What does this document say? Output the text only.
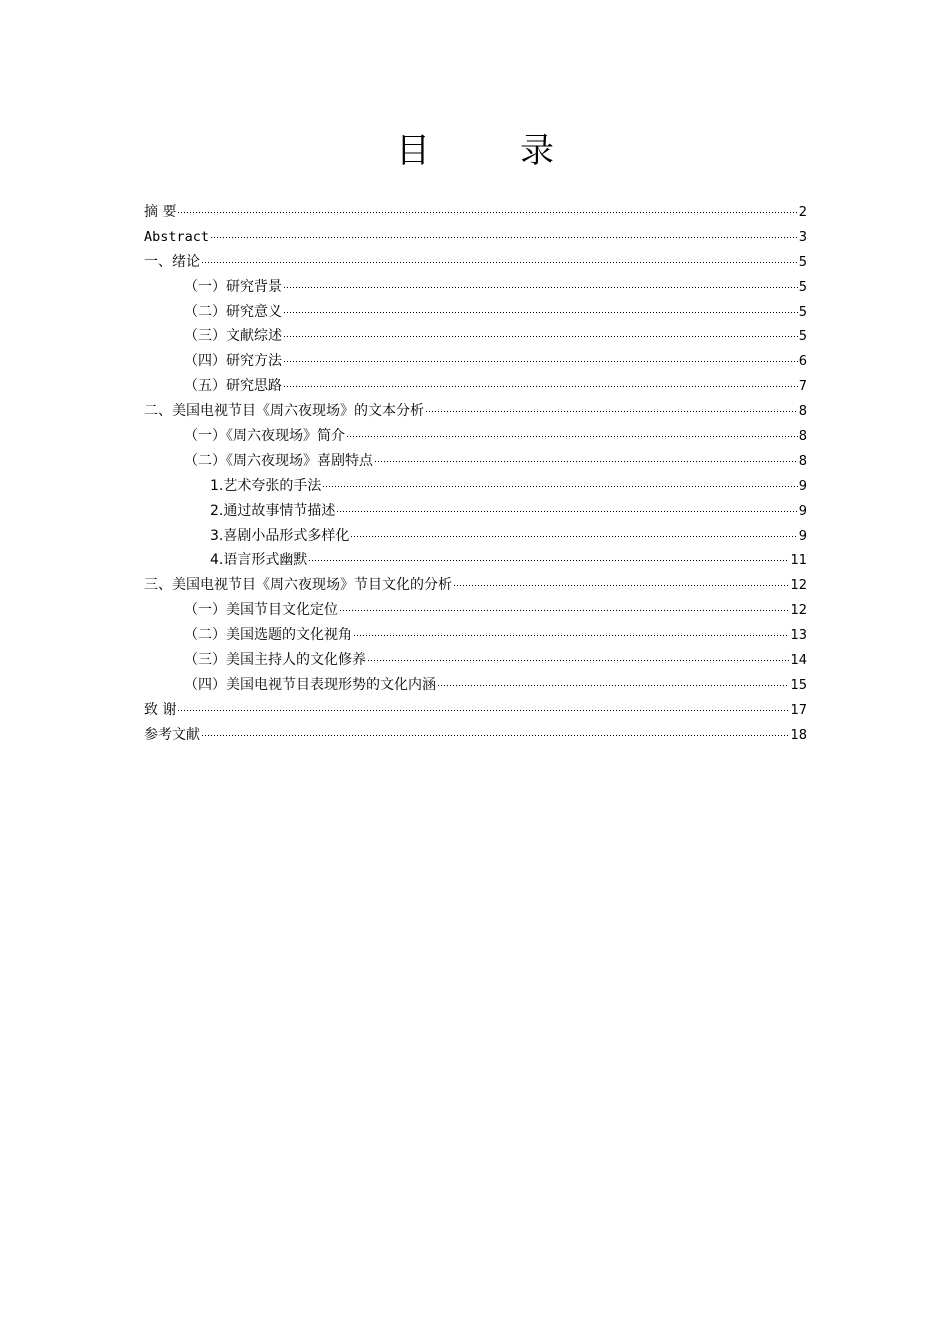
目　录
摘 要	2
Abstract	3
一、绪论	5
（一）研究背景	5
（二）研究意义	5
（三）文献综述	5
（四）研究方法	6
（五）研究思路	7
二、美国电视节目《周六夜现场》的文本分析	8
（一）《周六夜现场》简介	8
（二）《周六夜现场》喜剧特点	8
1.艺术夸张的手法	9
2.通过故事情节描述	9
3.喜剧小品形式多样化	9
4.语言形式幽默	11
三、美国电视节目《周六夜现场》节目文化的分析	12
（一）美国节目文化定位	12
（二）美国选题的文化视角	13
（三）美国主持人的文化修养	14
（四）美国电视节目表现形势的文化内涵	15
致 谢	17
参考文献	18
